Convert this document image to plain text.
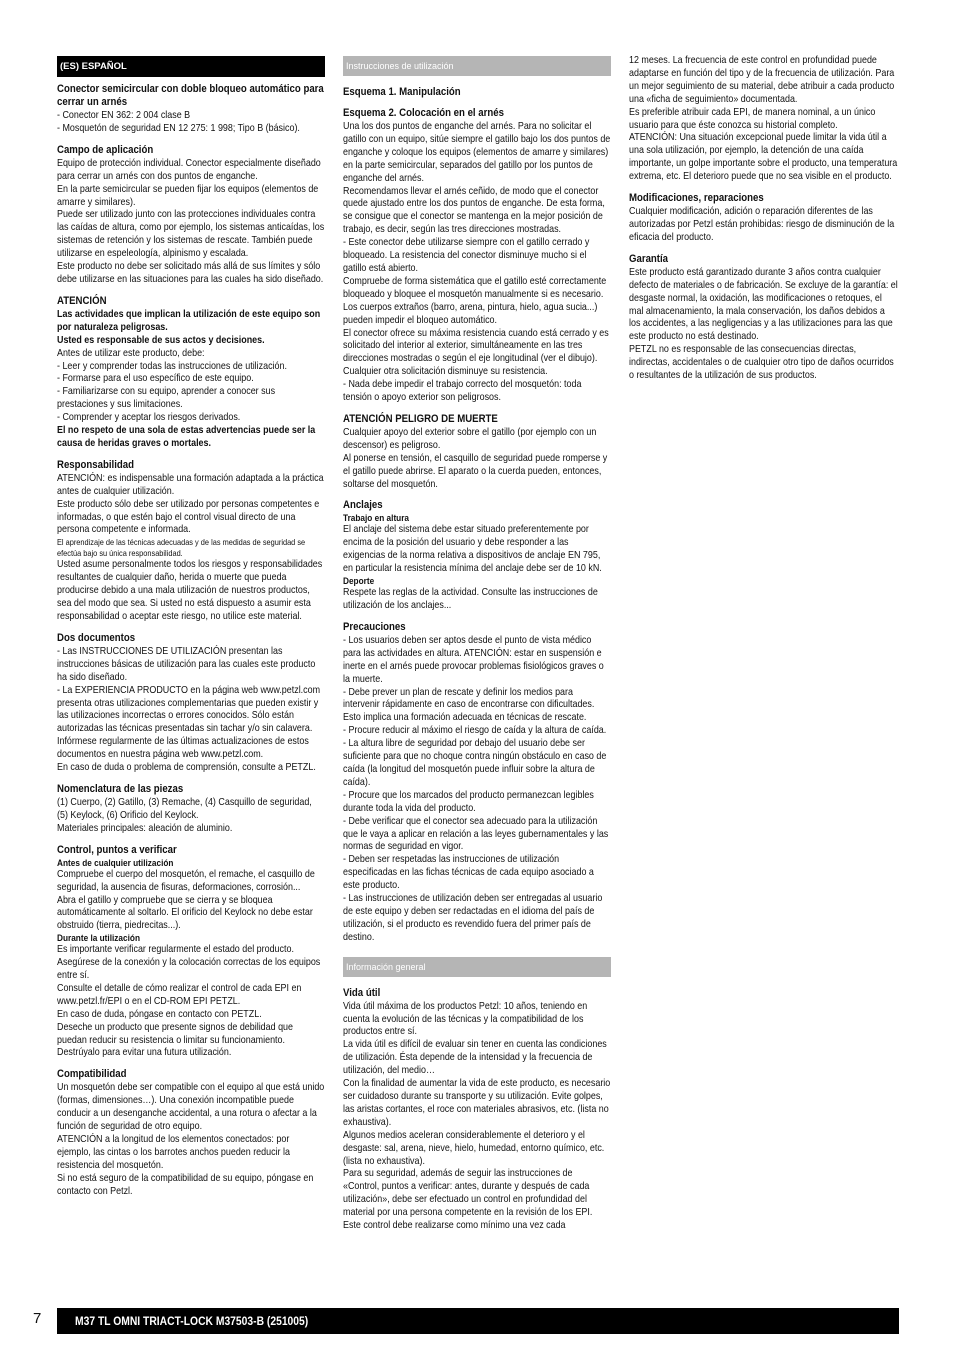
(ES) ESPAÑOL
Conector semicircular con doble bloqueo automático para cerrar un arnés

- Conector EN 362: 2 004 clase B
- Mosquetón de seguridad EN 12 275: 1 998; Tipo B (básico).

Campo de aplicación

Equipo de protección individual. Conector especialmente diseñado para cerrar un arnés con dos puntos de enganche.
En la parte semicircular se pueden fijar los equipos (elementos de amarre y similares).
Puede ser utilizado junto con las protecciones individuales contra las caídas de altura, como por ejemplo, los sistemas anticaídas, los sistemas de retención y los sistemas de rescate. También puede utilizarse en espeleología, alpinismo y escalada.
Este producto no debe ser solicitado más allá de sus límites y sólo debe utilizarse en las situaciones para las cuales ha sido diseñado.

ATENCIÓN

Las actividades que implican la utilización de este equipo son por naturaleza peligrosas.
Usted es responsable de sus actos y decisiones.

Antes de utilizar este producto, debe:
- Leer y comprender todas las instrucciones de utilización.
- Formarse para el uso específico de este equipo.
- Familiarizarse con su equipo, aprender a conocer sus prestaciones y sus limitaciones.
- Comprender y aceptar los riesgos derivados.

El no respeto de una sola de estas advertencias puede ser la causa de heridas graves o mortales.

Responsabilidad

ATENCIÓN: es indispensable una formación adaptada a la práctica antes de cualquier utilización.
Este producto sólo debe ser utilizado por personas competentes e informadas, o que estén bajo el control visual directo de una persona competente e informada.

El aprendizaje de las técnicas adecuadas y de las medidas de seguridad se efectúa bajo su única responsabilidad.

Usted asume personalmente todos los riesgos y responsabilidades resultantes de cualquier daño, herida o muerte que pueda producirse debido a una mala utilización de nuestros productos, sea del modo que sea. Si usted no está dispuesto a asumir esta responsabilidad o aceptar este riesgo, no utilice este material.

Dos documentos

- Las INSTRUCCIONES DE UTILIZACIÓN presentan las instrucciones básicas de utilización para las cuales este producto ha sido diseñado.
- La EXPERIENCIA PRODUCTO en la página web www.petzl.com presenta otras utilizaciones complementarias que pueden existir y las utilizaciones incorrectas o errores conocidos. Sólo están autorizadas las técnicas presentadas sin tachar y/o sin calavera. Infórmese regularmente de las últimas actualizaciones de estos documentos en nuestra página web www.petzl.com.
En caso de duda o problema de comprensión, consulte a PETZL.

Nomenclatura de las piezas

(1) Cuerpo, (2) Gatillo, (3) Remache, (4) Casquillo de seguridad, (5) Keylock, (6) Orificio del Keylock.
Materiales principales: aleación de aluminio.

Control, puntos a verificar
Antes de cualquier utilización

Compruebe el cuerpo del mosquetón, el remache, el casquillo de seguridad, la ausencia de fisuras, deformaciones, corrosión...
Abra el gatillo y compruebe que se cierra y se bloquea automáticamente al soltarlo. El orificio del Keylock no debe estar obstruido (tierra, piedrecitas...).

Durante la utilización

Es importante verificar regularmente el estado del producto. Asegúrese de la conexión y la colocación correctas de los equipos entre sí.
Consulte el detalle de cómo realizar el control de cada EPI en www.petzl.fr/EPI o en el CD-ROM EPI PETZL.
En caso de duda, póngase en contacto con PETZL.
Deseche un producto que presente signos de debilidad que puedan reducir su resistencia o limitar su funcionamiento. Destrúyalo para evitar una futura utilización.

Compatibilidad

Un mosquetón debe ser compatible con el equipo al que está unido (formas, dimensiones…). Una conexión incompatible puede conducir a un desenganche accidental, a una rotura o afectar a la función de seguridad de otro equipo.
ATENCIÓN a la longitud de los elementos conectados: por ejemplo, las cintas o los barrotes anchos pueden reducir la resistencia del mosquetón.
Si no está seguro de la compatibilidad de su equipo, póngase en contacto con Petzl.

Instrucciones de utilización
Esquema 1. Manipulación
Esquema 2. Colocación en el arnés

Una los dos puntos de enganche del arnés. Para no solicitar el gatillo con un equipo, sitúe siempre el gatillo bajo los dos puntos de enganche y coloque los equipos (elementos de amarre y similares) en la parte semicircular, separados del gatillo por los puntos de enganche del arnés.
Recomendamos llevar el arnés ceñido, de modo que el conector quede ajustado entre los dos puntos de enganche. De esta forma, se consigue que el conector se mantenga en la mejor posición de trabajo, es decir, según las tres direcciones mostradas.
- Este conector debe utilizarse siempre con el gatillo cerrado y bloqueado. La resistencia del conector disminuye mucho si el gatillo está abierto.
Compruebe de forma sistemática que el gatillo esté correctamente bloqueado y bloquee el mosquetón manualmente si es necesario. Los cuerpos extraños (barro, arena, pintura, hielo, agua sucia...) pueden impedir el bloqueo automático.
El conector ofrece su máxima resistencia cuando está cerrado y es solicitado del interior al exterior, simultáneamente en las tres direcciones mostradas o según el eje longitudinal (ver el dibujo). Cualquier otra solicitación disminuye su resistencia.
- Nada debe impedir el trabajo correcto del mosquetón: toda tensión o apoyo exterior son peligrosos.

ATENCIÓN PELIGRO DE MUERTE

Cualquier apoyo del exterior sobre el gatillo (por ejemplo con un descensor) es peligroso.
Al ponerse en tensión, el casquillo de seguridad puede romperse y el gatillo puede abrirse. El aparato o la cuerda pueden, entonces, soltarse del mosquetón.

Anclajes
Trabajo en altura

El anclaje del sistema debe estar situado preferentemente por encima de la posición del usuario y debe responder a las exigencias de la norma relativa a dispositivos de anclaje EN 795, en particular la resistencia mínima del anclaje debe ser de 10 kN.

Deporte

Respete las reglas de la actividad. Consulte las instrucciones de utilización de los anclajes...

Precauciones

- Los usuarios deben ser aptos desde el punto de vista médico para las actividades en altura. ATENCIÓN: estar en suspensión e inerte en el arnés puede provocar problemas fisiológicos graves o la muerte.
- Debe prever un plan de rescate y definir los medios para intervenir rápidamente en caso de encontrarse con dificultades. Esto implica una formación adecuada en técnicas de rescate.
- Procure reducir al máximo el riesgo de caída y la altura de caída.
- La altura libre de seguridad por debajo del usuario debe ser suficiente para que no choque contra ningún obstáculo en caso de caída (la longitud del mosquetón puede influir sobre la altura de caída).
- Procure que los marcados del producto permanezcan legibles durante toda la vida del producto.
- Debe verificar que el conector sea adecuado para la utilización que le vaya a aplicar en relación a las leyes gubernamentales y las normas de seguridad en vigor.
- Deben ser respetadas las instrucciones de utilización especificadas en las fichas técnicas de cada equipo asociado a este producto.
- Las instrucciones de utilización deben ser entregadas al usuario de este equipo y deben ser redactadas en el idioma del país de utilización, si el producto es revendido fuera del primer país de destino.

Información general
Vida útil

Vida útil máxima de los productos Petzl: 10 años, teniendo en cuenta la evolución de las técnicas y la compatibilidad de los productos entre sí.
La vida útil es difícil de evaluar sin tener en cuenta las condiciones de utilización. Ésta depende de la intensidad y la frecuencia de utilización, del medio…
Con la finalidad de aumentar la vida de este producto, es necesario ser cuidadoso durante su transporte y su utilización. Evite golpes, las aristas cortantes, el roce con materiales abrasivos, etc. (lista no exhaustiva).
Algunos medios aceleran considerablemente el deterioro y el desgaste: sal, arena, nieve, hielo, humedad, entorno químico, etc. (lista no exhaustiva).
Para su seguridad, además de seguir las instrucciones de «Control, puntos a verificar: antes, durante y después de cada utilización», debe ser efectuado un control en profundidad del material por una persona competente en la revisión de los EPI. Este control debe realizarse como mínimo una vez cada

12 meses. La frecuencia de este control en profundidad puede adaptarse en función del tipo y de la frecuencia de utilización. Para un mejor seguimiento de su material, debe atribuir a cada producto una «ficha de seguimiento» documentada.
Es preferible atribuir cada EPI, de manera nominal, a un único usuario para que éste conozca su historial completo.
ATENCIÓN: Una situación excepcional puede limitar la vida útil a una sola utilización, por ejemplo, la detención de una caída importante, un golpe importante sobre el producto, una temperatura extrema, etc. El deterioro puede que no sea visible en el producto.

Modificaciones, reparaciones

Cualquier modificación, adición o reparación diferentes de las autorizadas por Petzl están prohibidas: riesgo de disminución de la eficacia del producto.

Garantía

Este producto está garantizado durante 3 años contra cualquier defecto de materiales o de fabricación. Se excluye de la garantía: el desgaste normal, la oxidación, las modificaciones o retoques, el mal almacenamiento, la mala conservación, los daños debidos a los accidentes, a las negligencias y a las utilizaciones para las que este producto no está destinado.
PETZL no es responsable de las consecuencias directas, indirectas, accidentales o de cualquier otro tipo de daños ocurridos o resultantes de la utilización de sus productos.

7	M37 TL OMNI TRIACT-LOCK M37503-B (251005)
